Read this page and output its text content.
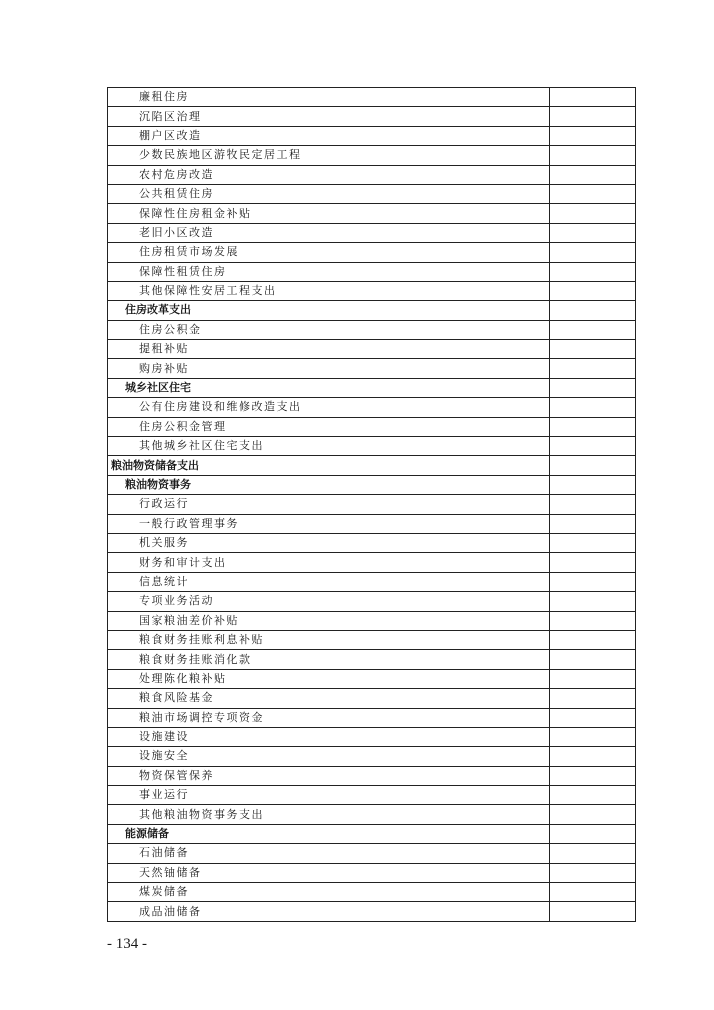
廉租住房	
沉陷区治理	
棚户区改造	
少数民族地区游牧民定居工程	
农村危房改造	
公共租赁住房	
保障性住房租金补贴	
老旧小区改造	
住房租赁市场发展	
保障性租赁住房	
其他保障性安居工程支出	
住房改革支出	
住房公积金	
提租补贴	
购房补贴	
城乡社区住宅	
公有住房建设和维修改造支出	
住房公积金管理	
其他城乡社区住宅支出	
粮油物资储备支出	
粮油物资事务	
行政运行	
一般行政管理事务	
机关服务	
财务和审计支出	
信息统计	
专项业务活动	
国家粮油差价补贴	
粮食财务挂账利息补贴	
粮食财务挂账消化款	
处理陈化粮补贴	
粮食风险基金	
粮油市场调控专项资金	
设施建设	
设施安全	
物资保管保养	
事业运行	
其他粮油物资事务支出	
能源储备	
石油储备	
天然铀储备	
煤炭储备	
成品油储备	
- 134 -
